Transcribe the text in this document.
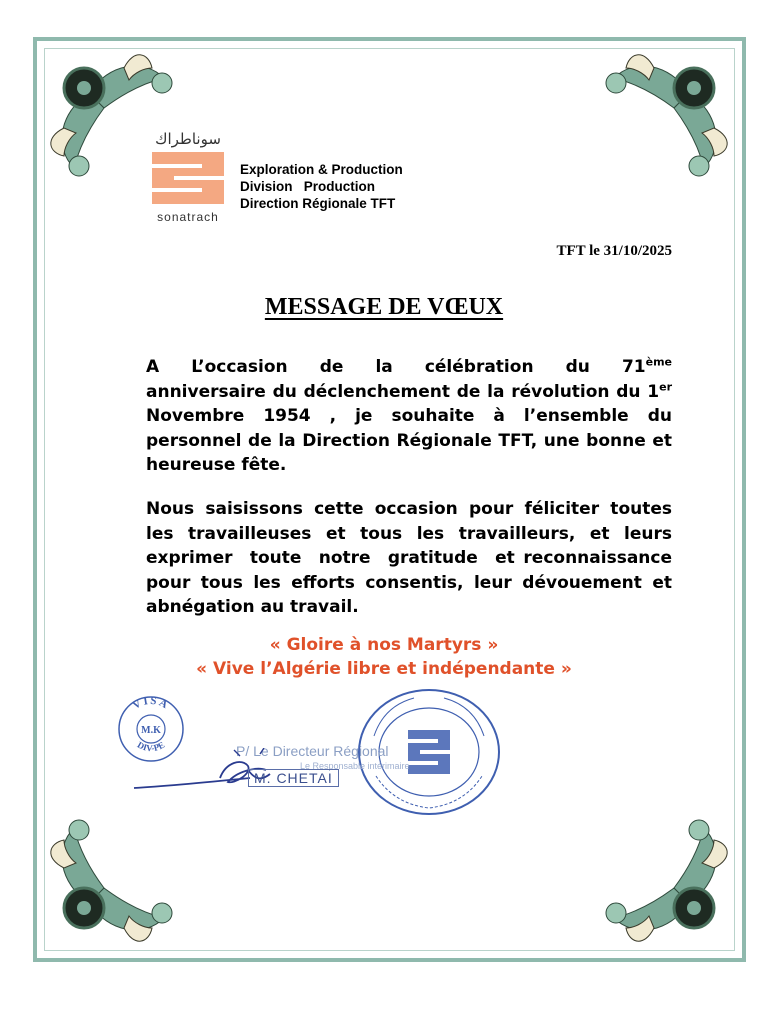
سوناطراك
sonatrach
Exploration & Production
Division   Production
Direction Régionale TFT
TFT le 31/10/2025
MESSAGE DE VŒUX
A  L’occasion  de  la  célébration  du  71ème anniversaire du déclenchement de la révolution du 1er  Novembre 1954 , je souhaite à l’ensemble du personnel de la Direction Régionale TFT, une bonne et heureuse fête.
Nous saisissons cette occasion pour féliciter toutes les travailleuses et tous les travailleurs, et leurs  exprimer  toute  notre  gratitude  et reconnaissance pour tous les efforts consentis, leur dévouement et abnégation au travail.
« Gloire à nos Martyrs »
« Vive l’Algérie libre et indépendante »
VISA
M.K
DIV-PE	P/ Le Directeur Régional
Le Responsable intérimaire
M. CHETAI
